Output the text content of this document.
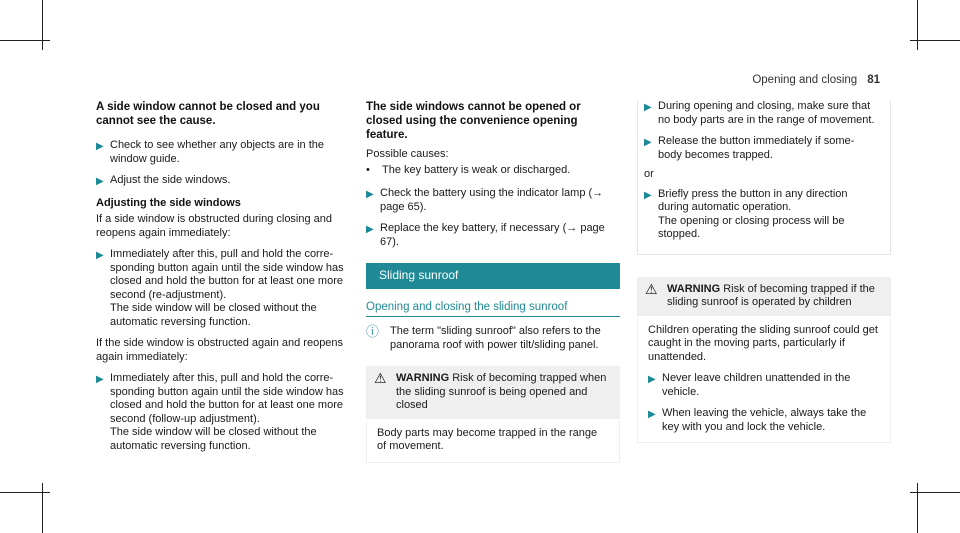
Opening and closing 81
A side window cannot be closed and you cannot see the cause.
▶ Check to see whether any objects are in the window guide.
▶ Adjust the side windows.
Adjusting the side windows

If a side window is obstructed during closing and reopens again immediately:

▶ Immediately after this, pull and hold the corre- sponding button again until the side window has closed and hold the button for at least one more second (re-adjustment).
The side window will be closed without the automatic reversing function.

If the side window is obstructed again and reopens again immediately:

▶ Immediately after this, pull and hold the corre- sponding button again until the side window has closed and hold the button for at least one more second (follow-up adjustment).
The side window will be closed without the automatic reversing function.
The side windows cannot be opened or closed using the convenience opening feature.

Possible causes:

•	The key battery is weak or discharged.
▶ Check the battery using the indicator lamp (→ page 65).
▶ Replace the key battery, if necessary (→ page 67).
Sliding sunroof
Opening and closing the sliding sunroof
ⓘ The term "sliding sunroof" also refers to the panorama roof with power tilt/sliding panel.
⚠ WARNING Risk of becoming trapped when the sliding sunroof is being opened and closed
Body parts may become trapped in the range of movement.
▶ During opening and closing, make sure that no body parts are in the range of movement.
▶ Release the button immediately if some- body becomes trapped.

or

▶ Briefly press the button in any direction during automatic operation.
The opening or closing process will be stopped.
⚠ WARNING Risk of becoming trapped if the sliding sunroof is operated by children

Children operating the sliding sunroof could get caught in the moving parts, particularly if unattended.

▶ Never leave children unattended in the vehicle.
▶ When leaving the vehicle, always take the key with you and lock the vehicle.
